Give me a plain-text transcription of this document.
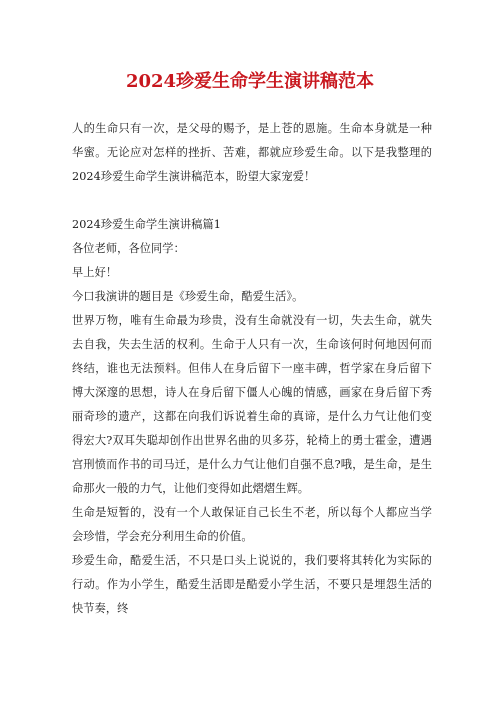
2024珍爱生命学生演讲稿范本

人的生命只有一次，是父母的赐予，是上苍的恩施。生命本身就是一种华蜜。无论应对怎样的挫折、苦难，都就应珍爱生命。以下是我整理的2024珍爱生命学生演讲稿范本，盼望大家宠爱！

2024珍爱生命学生演讲稿篇1

各位老师，各位同学：

早上好！

今口我演讲的题目是《珍爱生命，酷爱生活》。

世界万物，唯有生命最为珍贵，没有生命就没有一切，失去生命，就失去自我，失去生活的权利。生命于人只有一次，生命该何时何地因何而终结，谁也无法预料。但伟人在身后留下一座丰碑，哲学家在身后留下博大深邃的思想，诗人在身后留下僵人心魄的情感，画家在身后留下秀丽奇珍的遗产，这都在向我们诉说着生命的真谛，是什么力气让他们变得宏大?双耳失聪却创作出世界名曲的贝多芬，轮椅上的勇士霍金，遭遇宫刑愤而作书的司马迁，是什么力气让他们自强不息?哦，是生命，是生命那火一般的力气，让他们变得如此熠熠生辉。

生命是短暂的，没有一个人敢保证自己长生不老，所以每个人都应当学会珍惜，学会充分利用生命的价值。

珍爱生命，酷爱生活，不只是口头上说说的，我们要将其转化为实际的行动。作为小学生，酷爱生活即是酷爱小学生活，不要只是埋怨生活的快节奏，终
